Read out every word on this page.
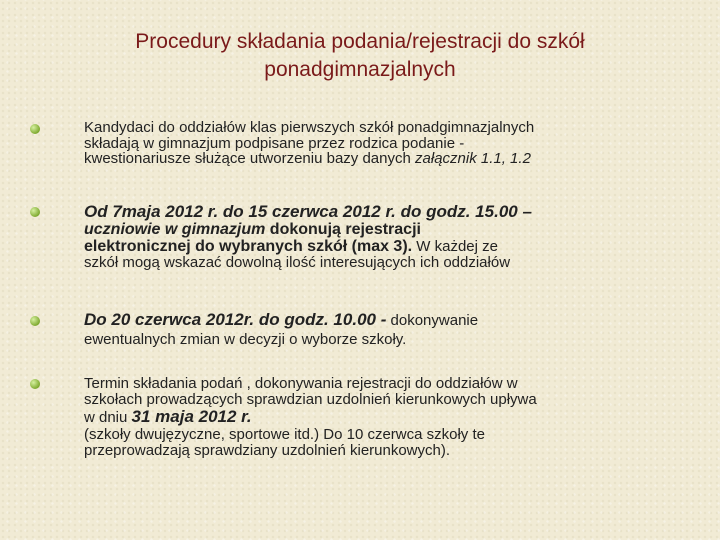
Procedury składania podania/rejestracji do szkół
ponadgimnazjalnych
Kandydaci do oddziałów klas pierwszych szkół ponadgimnazjalnych
składają w gimnazjum podpisane przez rodzica podanie -
kwestionariusze służące utworzeniu bazy danych załącznik 1.1, 1.2
Od 7maja 2012 r. do 15 czerwca 2012 r. do godz. 15.00 –
uczniowie w gimnazjum dokonują rejestracji
elektronicznej do wybranych szkół (max 3). W każdej ze
szkół mogą wskazać dowolną ilość interesujących ich oddziałów
Do 20 czerwca 2012r. do godz. 10.00 - dokonywanie
ewentualnych zmian w decyzji o wyborze szkoły.
Termin składania podań , dokonywania rejestracji do oddziałów w
szkołach prowadzących sprawdzian uzdolnień kierunkowych upływa
w dniu 31 maja 2012 r.
(szkoły dwujęzyczne, sportowe itd.) Do 10 czerwca szkoły te
przeprowadzają sprawdziany uzdolnień kierunkowych).
